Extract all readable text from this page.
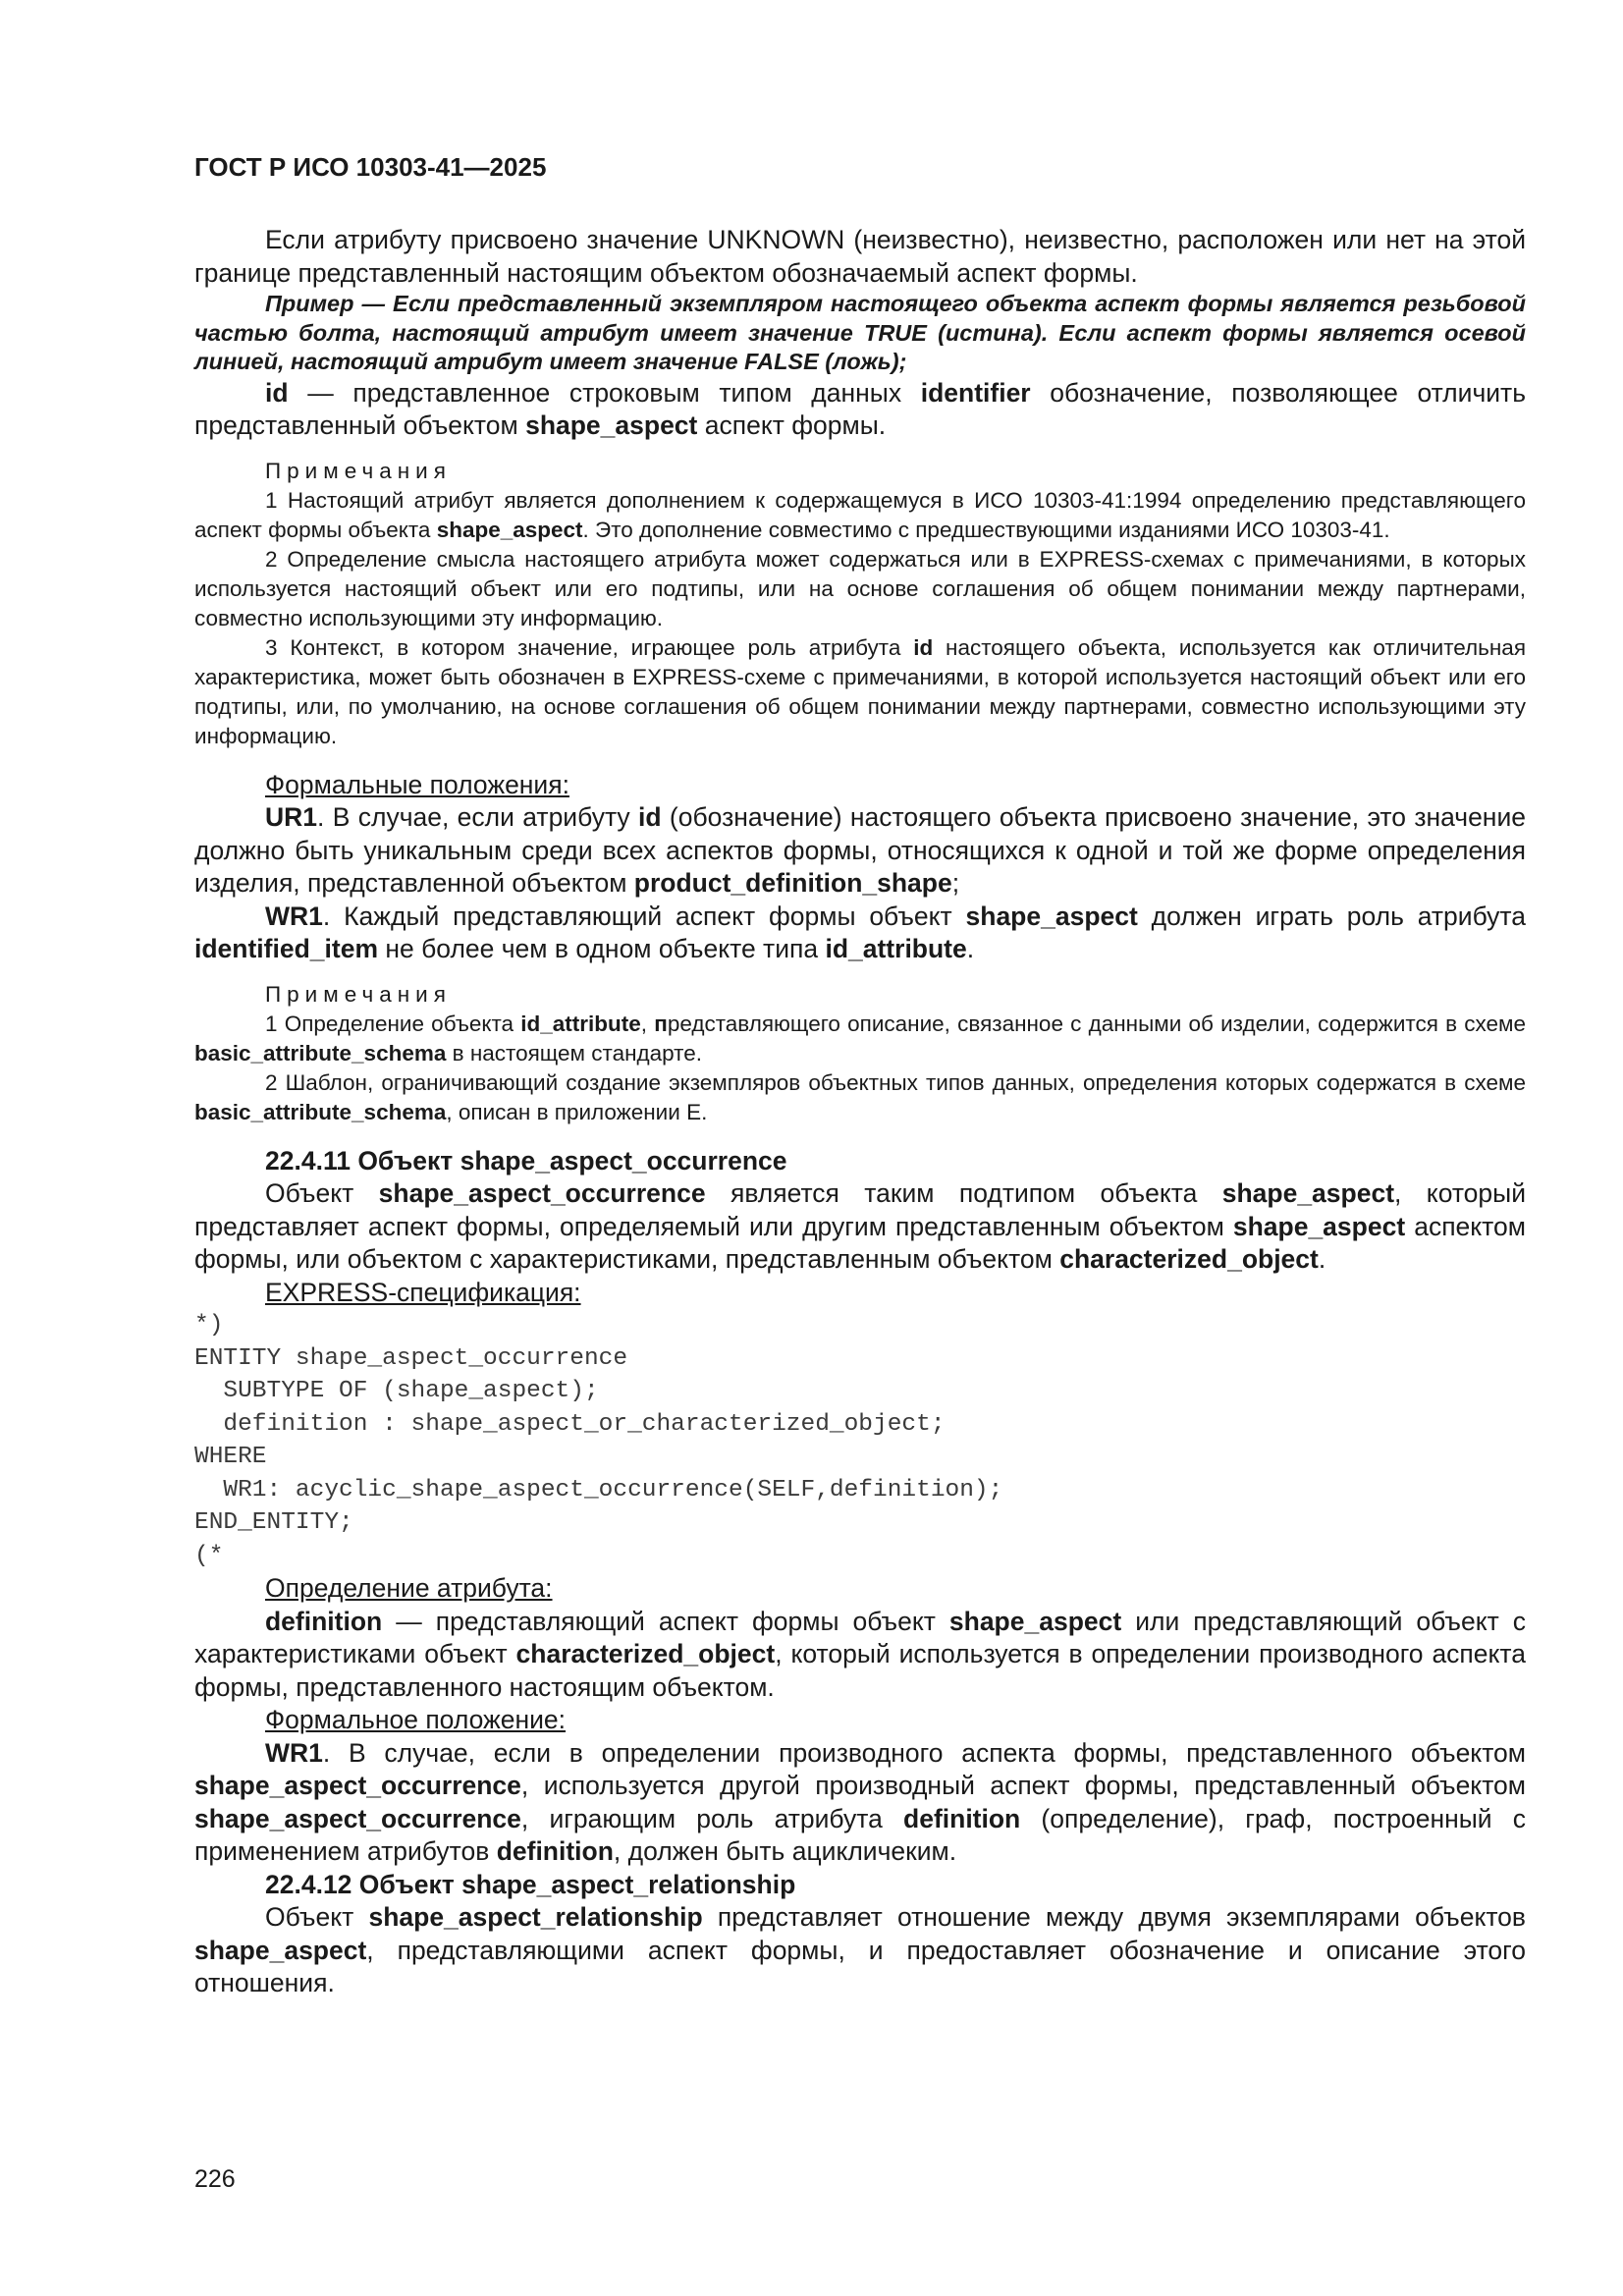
ГОСТ Р ИСО 10303-41—2025

Если атрибуту присвоено значение UNKNOWN (неизвестно), неизвестно, расположен или нет на этой границе представленный настоящим объектом обозначаемый аспект формы.

Пример — Если представленный экземпляром настоящего объекта аспект формы является резьбовой частью болта, настоящий атрибут имеет значение TRUE (истина). Если аспект формы является осевой линией, настоящий атрибут имеет значение FALSE (ложь);

id — представленное строковым типом данных identifier обозначение, позволяющее отличить представленный объектом shape_aspect аспект формы.

Примечания

1 Настоящий атрибут является дополнением к содержащемуся в ИСО 10303-41:1994 определению представляющего аспект формы объекта shape_aspect. Это дополнение совместимо с предшествующими изданиями ИСО 10303-41.

2 Определение смысла настоящего атрибута может содержаться или в EXPRESS-схемах с примечаниями, в которых используется настоящий объект или его подтипы, или на основе соглашения об общем понимании между партнерами, совместно использующими эту информацию.

3 Контекст, в котором значение, играющее роль атрибута id настоящего объекта, используется как отличительная характеристика, может быть обозначен в EXPRESS-схеме с примечаниями, в которой используется настоящий объект или его подтипы, или, по умолчанию, на основе соглашения об общем понимании между партнерами, совместно использующими эту информацию.

Формальные положения:

UR1. В случае, если атрибуту id (обозначение) настоящего объекта присвоено значение, это значение должно быть уникальным среди всех аспектов формы, относящихся к одной и той же форме определения изделия, представленной объектом product_definition_shape;

WR1. Каждый представляющий аспект формы объект shape_aspect должен играть роль атрибута identified_item не более чем в одном объекте типа id_attribute.

Примечания

1 Определение объекта id_attribute, представляющего описание, связанное с данными об изделии, содержится в схеме basic_attribute_schema в настоящем стандарте.

2 Шаблон, ограничивающий создание экземпляров объектных типов данных, определения которых содержатся в схеме basic_attribute_schema, описан в приложении E.

22.4.11 Объект shape_aspect_occurrence

Объект shape_aspect_occurrence является таким подтипом объекта shape_aspect, который представляет аспект формы, определяемый или другим представленным объектом shape_aspect аспектом формы, или объектом с характеристиками, представленным объектом characterized_object.

EXPRESS-спецификация:

*)
ENTITY shape_aspect_occurrence
SUBTYPE OF (shape_aspect);
definition : shape_aspect_or_characterized_object;
WHERE
WR1: acyclic_shape_aspect_occurrence(SELF,definition);
END_ENTITY;
(*

Определение атрибута:

definition — представляющий аспект формы объект shape_aspect или представляющий объект с характеристиками объект characterized_object, который используется в определении производного аспекта формы, представленного настоящим объектом.

Формальное положение:

WR1. В случае, если в определении производного аспекта формы, представленного объектом shape_aspect_occurrence, используется другой производный аспект формы, представленный объектом shape_aspect_occurrence, играющим роль атрибута definition (определение), граф, построенный с применением атрибутов definition, должен быть ацикличеким.

22.4.12 Объект shape_aspect_relationship

Объект shape_aspect_relationship представляет отношение между двумя экземплярами объектов shape_aspect, представляющими аспект формы, и предоставляет обозначение и описание этого отношения.

226
